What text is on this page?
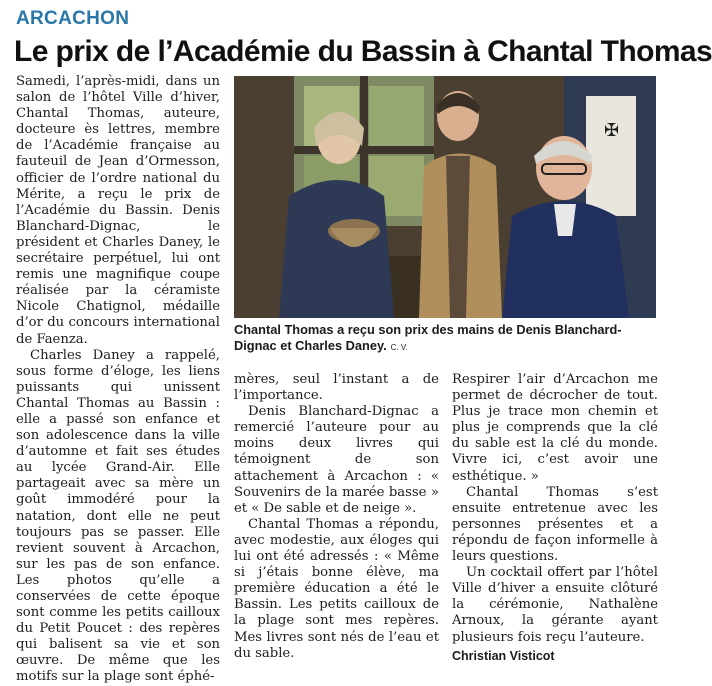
ARCACHON
Le prix de l’Académie du Bassin à Chantal Thomas

Samedi, l’après-midi, dans un salon de l’hôtel Ville d’hiver, Chantal Thomas, auteure, docteure ès lettres, membre de l’Académie française au fauteuil de Jean d’Ormesson, officier de l’ordre national du Mérite, a reçu le prix de l’Académie du Bassin. Denis Blanchard-Dignac, le président et Charles Daney, le secrétaire perpétuel, lui ont remis une magnifique coupe réalisée par la céramiste Nicole Chatignol, médaille d’or du concours international de Faenza.

Charles Daney a rappelé, sous forme d’éloge, les liens puissants qui unissent Chantal Thomas au Bassin : elle a passé son enfance et son adolescence dans la ville d’automne et fait ses études au lycée Grand-Air. Elle partageait avec sa mère un goût immodéré pour la natation, dont elle ne peut toujours pas se passer. Elle revient souvent à Arcachon, sur les pas de son enfance. Les photos qu’elle a conservées de cette époque sont comme les petits cailloux du Petit Poucet : des repères qui balisent sa vie et son œuvre. De même que les motifs sur la plage sont éphé-

✠
Chantal Thomas a reçu son prix des mains de Denis Blanchard-Dignac et Charles Daney. C. V.

mères, seul l’instant a de l’importance.

Denis Blanchard-Dignac a remercié l’auteure pour au moins deux livres qui témoignent de son attachement à Arcachon : « Souvenirs de la marée basse » et « De sable et de neige ».

Chantal Thomas a répondu, avec modestie, aux éloges qui lui ont été adressés : « Même si j’étais bonne élève, ma première éducation a été le Bassin. Les petits cailloux de la plage sont mes repères. Mes livres sont nés de l’eau et du sable.

Respirer l’air d’Arcachon me permet de décrocher de tout. Plus je trace mon chemin et plus je comprends que la clé du sable est la clé du monde. Vivre ici, c’est avoir une esthétique. »

Chantal Thomas s’est ensuite entretenue avec les personnes présentes et a répondu de façon informelle à leurs questions.

Un cocktail offert par l’hôtel Ville d’hiver a ensuite clôturé la cérémonie, Nathalène Arnoux, la gérante ayant plusieurs fois reçu l’auteure.

Christian Visticot
